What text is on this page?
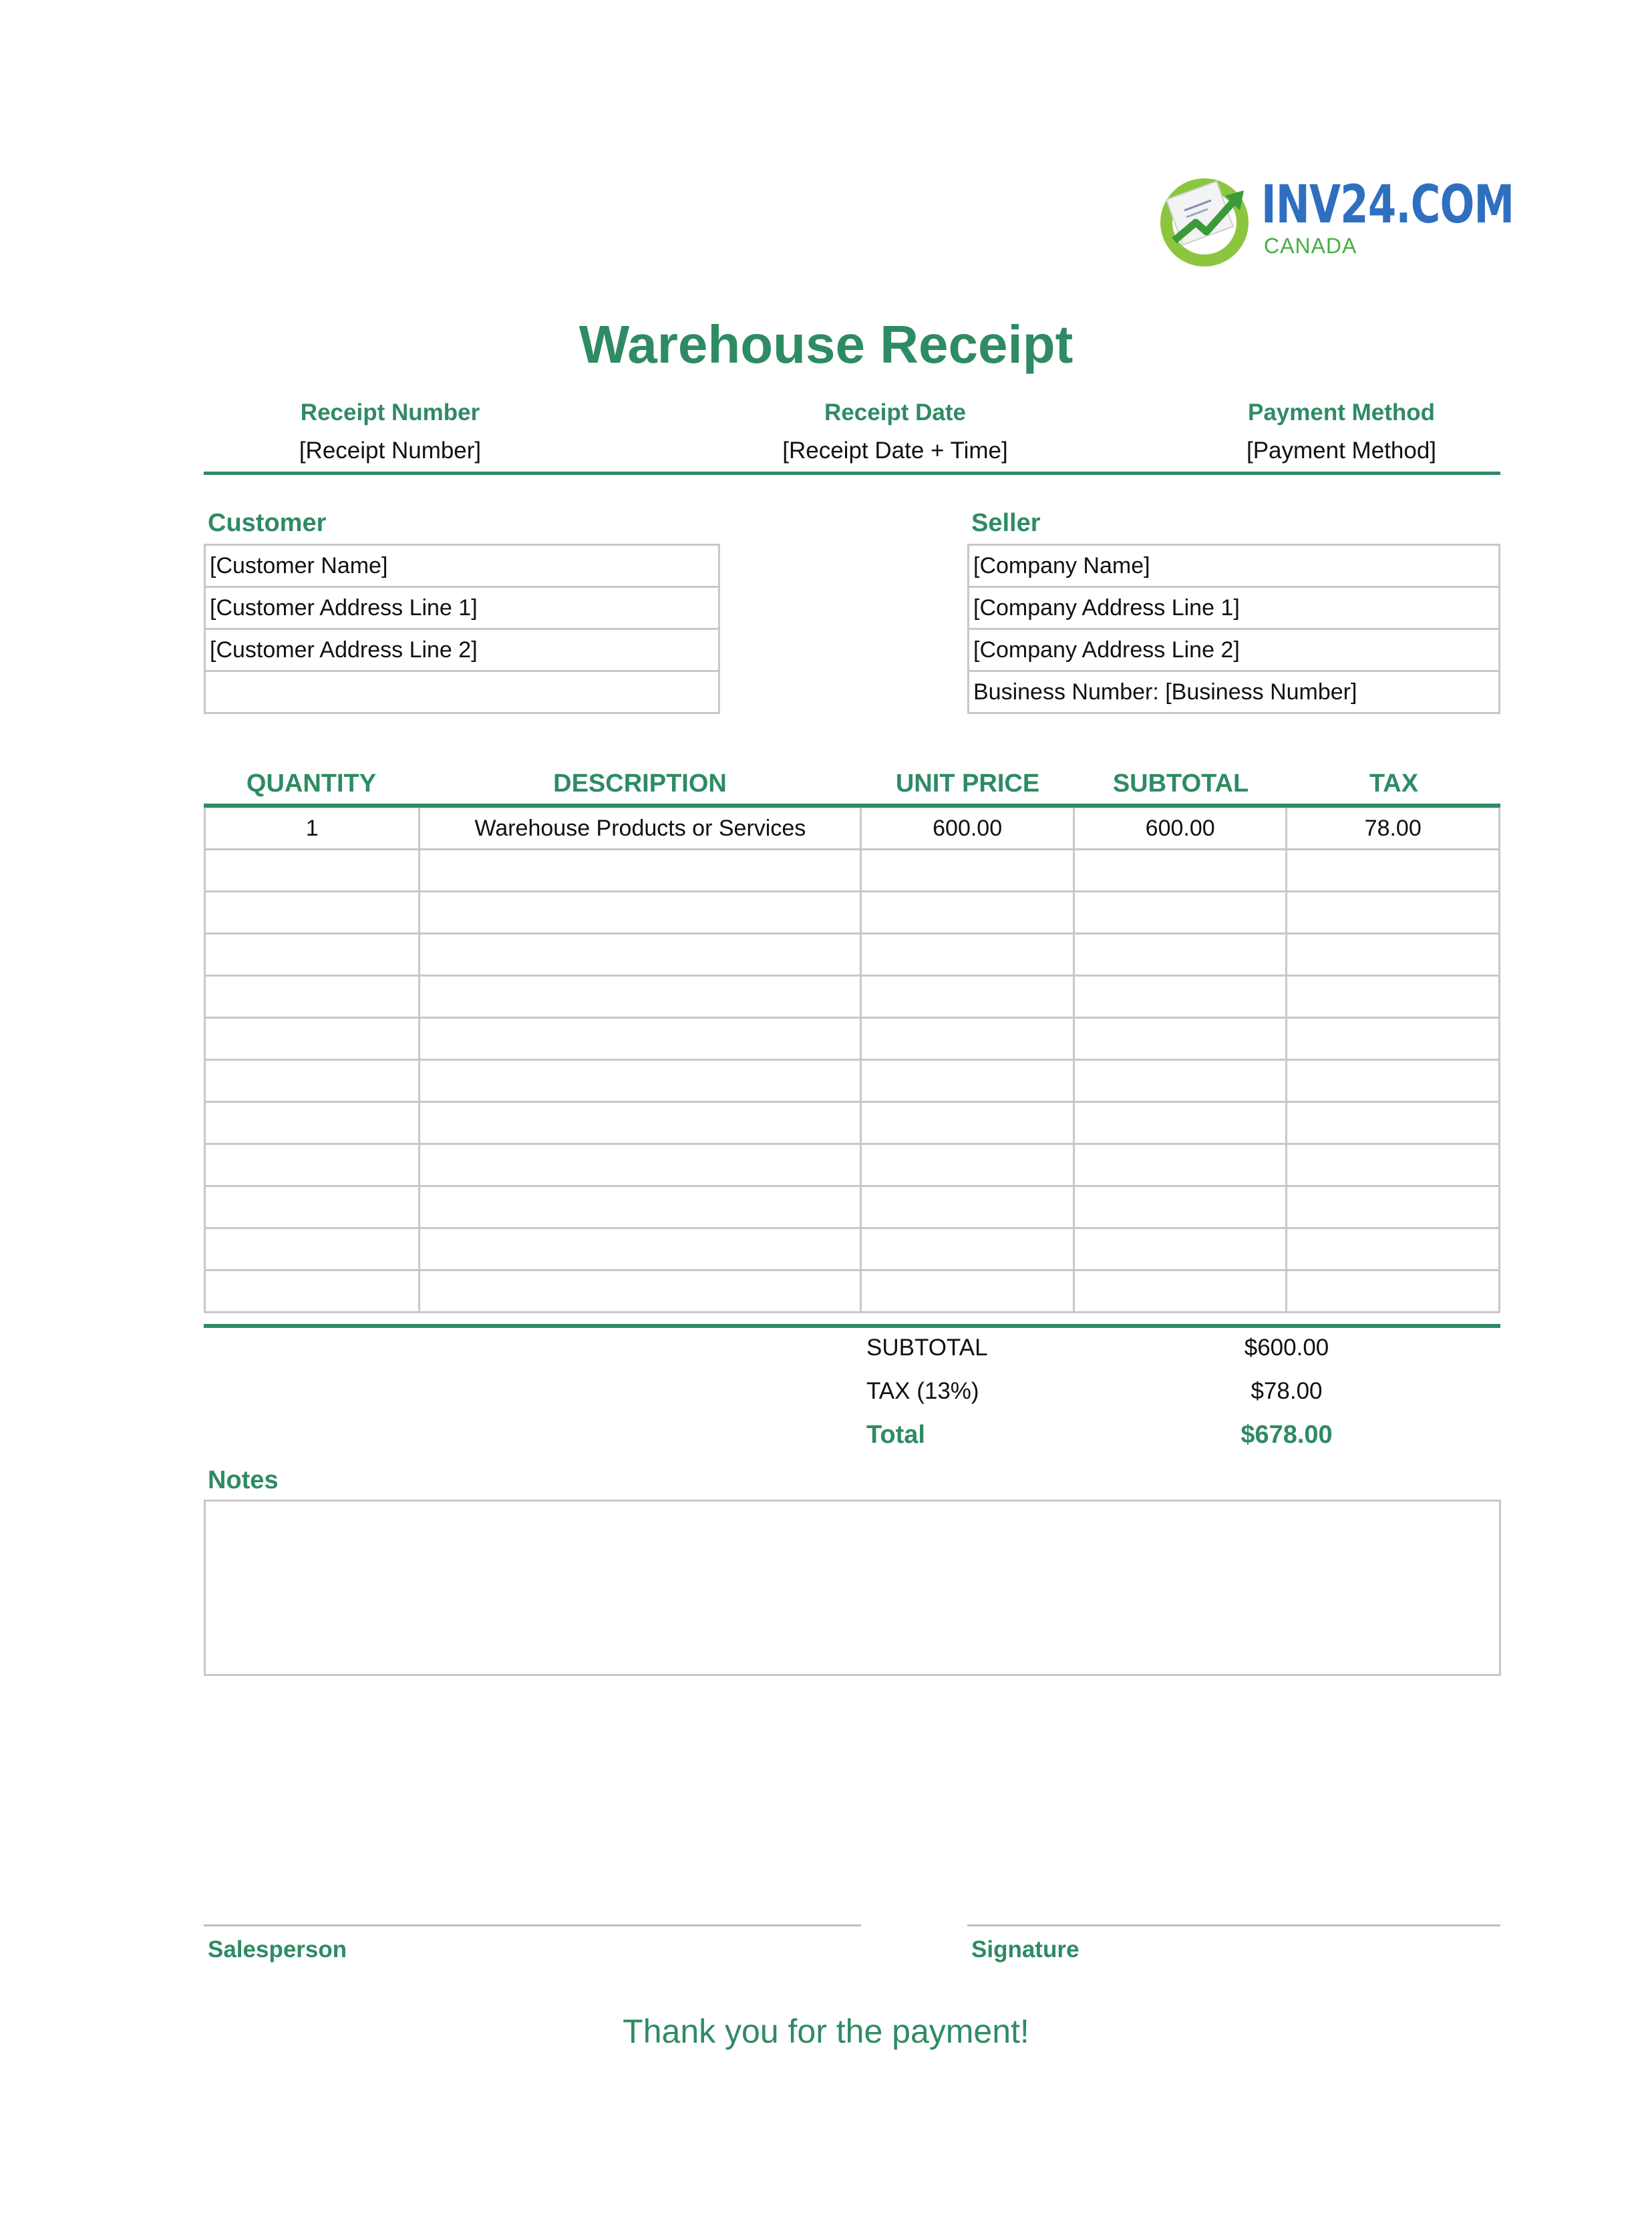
INV24.COM
CANADA
Warehouse Receipt
Receipt Number
[Receipt Number]
Receipt Date
[Receipt Date + Time]
Payment Method
[Payment Method]
Customer
[Customer Name]
[Customer Address Line 1]
[Customer Address Line 2]

Seller
[Company Name]
[Company Address Line 1]
[Company Address Line 2]
Business Number: [Business Number]
QUANTITY	DESCRIPTION	UNIT PRICE	SUBTOTAL	TAX
1	Warehouse Products or Services	600.00	600.00	78.00

SUBTOTAL	$600.00
TAX (13%)	$78.00
Total	$678.00
Notes
Salesperson	Signature
Thank you for the payment!
